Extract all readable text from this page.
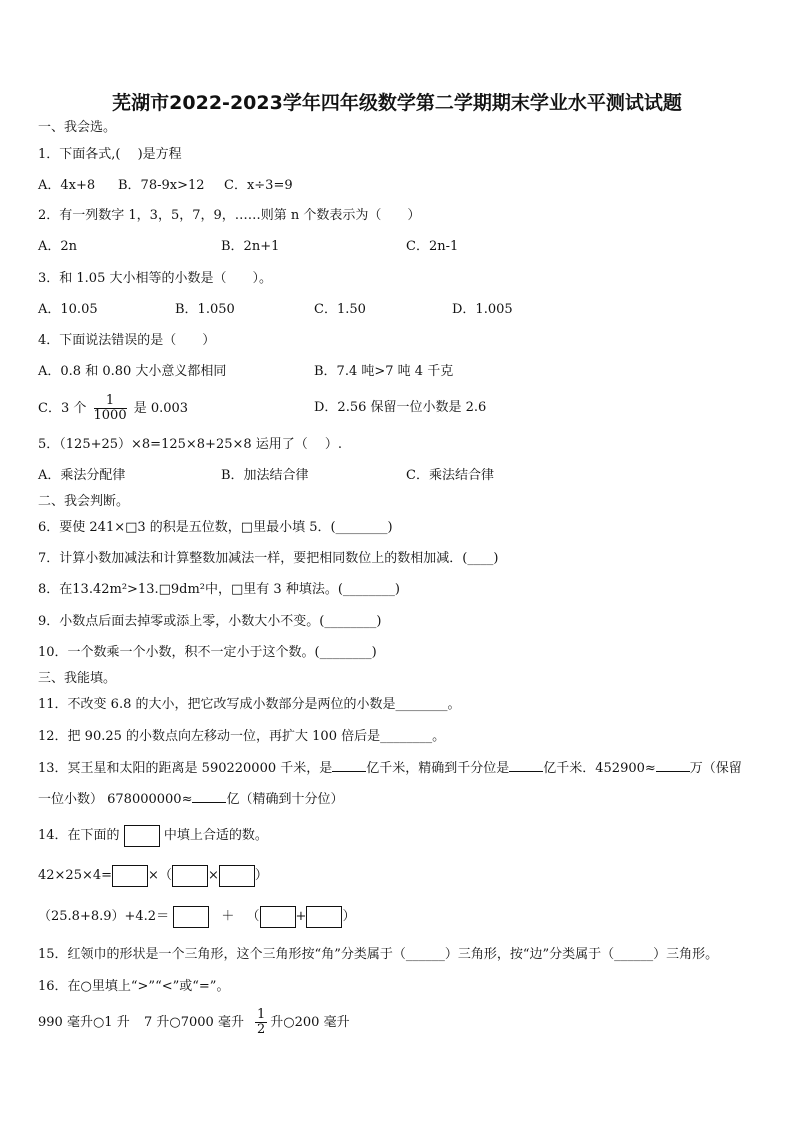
芜湖市2022-2023学年四年级数学第二学期期末学业水平测试试题
一、我会选。
1．下面各式,(　 )是方程
A．4x+8 B．78-9x>12 C．x÷3=9
2．有一列数字 1，3，5，7，9，……则第 n 个数表示为（　　）
A．2n	B．2n+1	C．2n-1
3．和 1.05 大小相等的小数是（　　）。
A．10.05	B．1.050	C．1.50	D．1.005
4．下面说法错误的是（　　）
A．0.8 和 0.80 大小意义都相同	B．7.4 吨>7 吨 4 千克
C．3 个 $\frac{1}{1000}$ 是 0.003	D．2.56 保留一位小数是 2.6
5．（125+25）×8=125×8+25×8 运用了（　 ）.
A．乘法分配律	B．加法结合律	C．乘法结合律
二、我会判断。
6．要使 241×□3 的积是五位数，□里最小填 5．(________)
7．计算小数加减法和计算整数加减法一样，要把相同数位上的数相加减．(____)
8．在13.42m²>13.□9dm²中，□里有 3 种填法。(________)
9．小数点后面去掉零或添上零，小数大小不变。(________)
10．一个数乘一个小数，积不一定小于这个数。(________)
三、我能填。
11．不改变 6.8 的大小，把它改写成小数部分是两位的小数是________。
12．把 90.25 的小数点向左移动一位，再扩大 100 倍后是________。
13．冥王星和太阳的距离是 590220000 千米，是	亿千米，精确到千分位是	亿千米．452900≈	万（保留
一位小数） 678000000≈	亿（精确到十分位）
14．在下面的	中填上合适的数。
42×25×4=	×（	×	）
（25.8+8.9）+4.2＝	＋ （	+	）
15．红领巾的形状是一个三角形，这个三角形按“角”分类属于（______）三角形，按“边”分类属于（______）三角形。
16．在○里填上“>”“<”或“=”。
990 毫升○1 升 7 升○7000 毫升 $\frac{1}{2}$ 升○200 毫升
